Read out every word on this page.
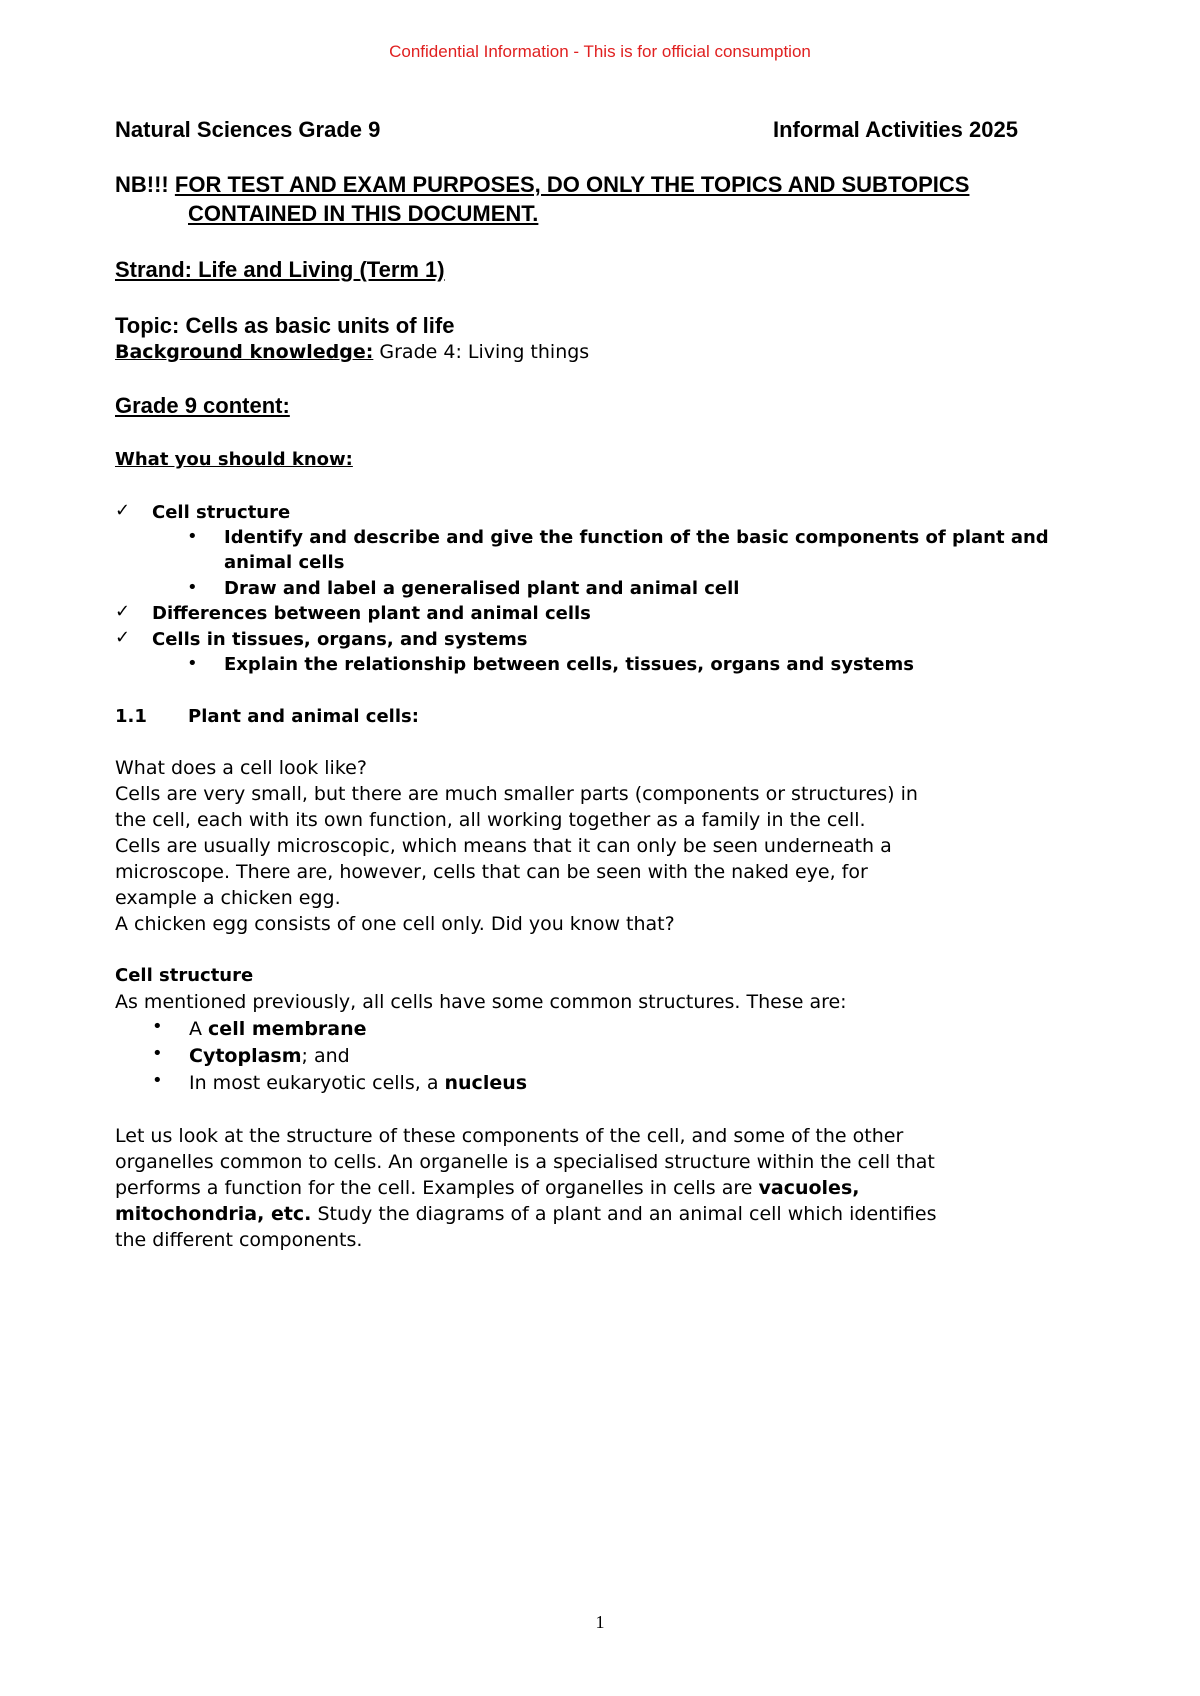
Confidential Information - This is for official consumption
Natural Sciences Grade 9	Informal Activities 2025
NB!!! FOR TEST AND EXAM PURPOSES, DO ONLY THE TOPICS AND SUBTOPICS
CONTAINED IN THIS DOCUMENT.
Strand: Life and Living (Term 1)
Topic: Cells as basic units of life
Background knowledge: Grade 4: Living things
Grade 9 content:
What you should know:
✓ Cell structure
• Identify and describe and give the function of the basic components of plant and
animal cells
• Draw and label a generalised plant and animal cell
✓ Differences between plant and animal cells
✓ Cells in tissues, organs, and systems
• Explain the relationship between cells, tissues, organs and systems
1.1 Plant and animal cells:
What does a cell look like?
Cells are very small, but there are much smaller parts (components or structures) in
the cell, each with its own function, all working together as a family in the cell.
Cells are usually microscopic, which means that it can only be seen underneath a
microscope. There are, however, cells that can be seen with the naked eye, for
example a chicken egg.
A chicken egg consists of one cell only. Did you know that?
Cell structure
As mentioned previously, all cells have some common structures. These are:
• A cell membrane
• Cytoplasm; and
• In most eukaryotic cells, a nucleus
Let us look at the structure of these components of the cell, and some of the other
organelles common to cells. An organelle is a specialised structure within the cell that
performs a function for the cell. Examples of organelles in cells are vacuoles,
mitochondria, etc. Study the diagrams of a plant and an animal cell which identifies
the different components.
1
